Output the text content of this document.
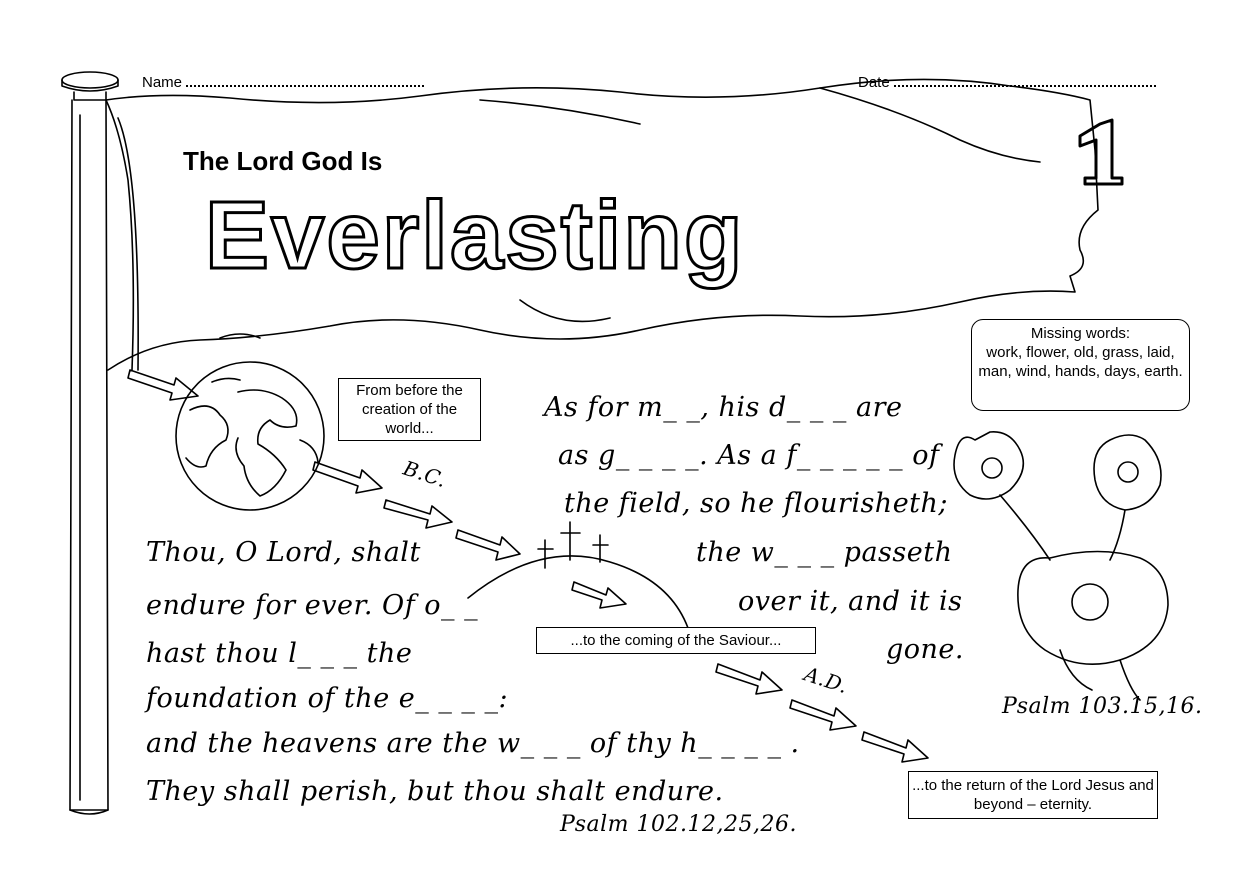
Everlasting
Name	Date
The Lord God Is
From before the creation of the world...
...to the coming of the Saviour...
...to the return of the Lord Jesus and beyond – eternity.
Missing words:
work, flower, old, grass, laid, man, wind, hands, days, earth.
B.C.
A.D.
Thou, O Lord, shalt
endure for ever. Of o_ _
hast thou l_ _ _ the
foundation of the e_ _ _ _:
and the heavens are the w_ _ _ of thy h_ _ _ _ .
They shall perish, but thou shalt endure.
Psalm 102.12,25,26.
As for m_ _, his d_ _ _ are
as g_ _ _ _. As a f_ _ _ _ _ of
the field, so he flourisheth;
the w_ _ _ passeth
over it, and it is
gone.
Psalm 103.15,16.
